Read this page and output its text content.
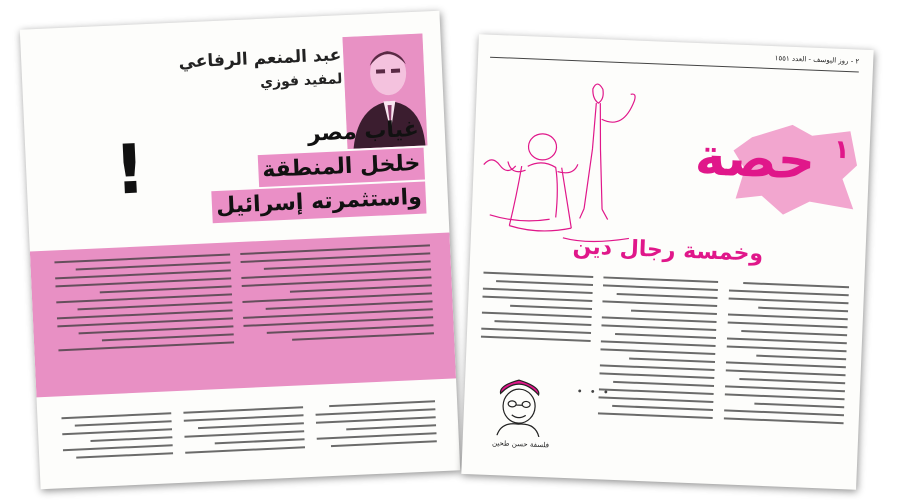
عبد المنعم الرفاعي
لمفيد فوزي
غياب مصر
خلخل المنطقة
واستثمرته إسرائيل
!
٢ - روز اليوسف - العدد ١٥٥١
$^١$ حصة
وخمسة رجال دين
• • •
فلسفة حسن طحين
